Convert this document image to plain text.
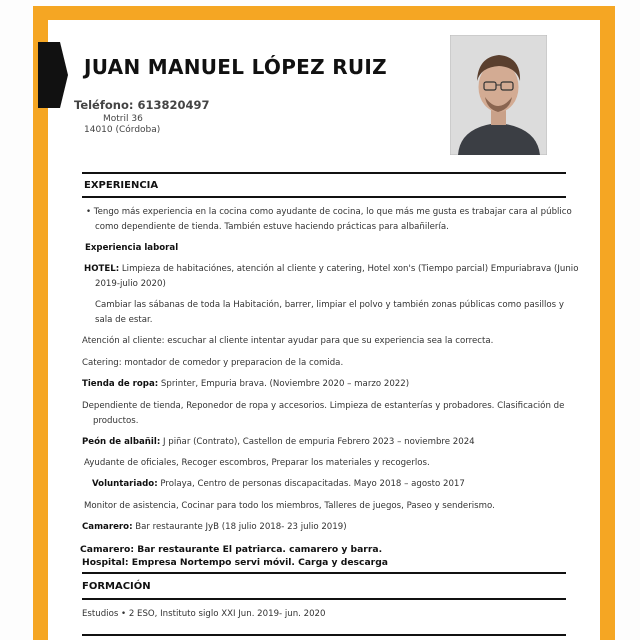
JUAN MANUEL LÓPEZ RUIZ
Teléfono: 613820497
Motril 36
14010 (Córdoba)
EXPERIENCIA
• Tengo más experiencia en la cocina como ayudante de cocina, lo que más me gusta es trabajar cara al público
como dependiente de tienda. También estuve haciendo prácticas para albañilería.
Experiencia laboral
HOTEL: Limpieza de habitaciónes, atención al cliente y catering, Hotel xon's (Tiempo parcial) Empuriabrava (Junio
2019-julio 2020)
Cambiar las sábanas de toda la Habitación, barrer, limpiar el polvo y también zonas públicas como pasillos y
sala de estar.
Atención al cliente: escuchar al cliente intentar ayudar para que su experiencia sea la correcta.
Catering: montador de comedor y preparacion de la comida.
Tienda de ropa: Sprinter, Empuria brava. (Noviembre 2020 – marzo 2022)
Dependiente de tienda, Reponedor de ropa y accesorios. Limpieza de estanterías y probadores. Clasificación de
productos.
Peón de albañil: J piñar (Contrato), Castellon de empuria Febrero 2023 – noviembre 2024
Ayudante de oficiales, Recoger escombros, Preparar los materiales y recogerlos.
Voluntariado: Prolaya, Centro de personas discapacitadas. Mayo 2018 – agosto 2017
Monitor de asistencia, Cocinar para todo los miembros, Talleres de juegos, Paseo y senderismo.
Camarero: Bar restaurante JyB (18 julio 2018- 23 julio 2019)
Camarero: Bar restaurante El patriarca. camarero y barra.
Hospital: Empresa Nortempo servi móvil. Carga y descarga
FORMACIÓN
Estudios • 2 ESO, Instituto siglo XXI Jun. 2019- jun. 2020
